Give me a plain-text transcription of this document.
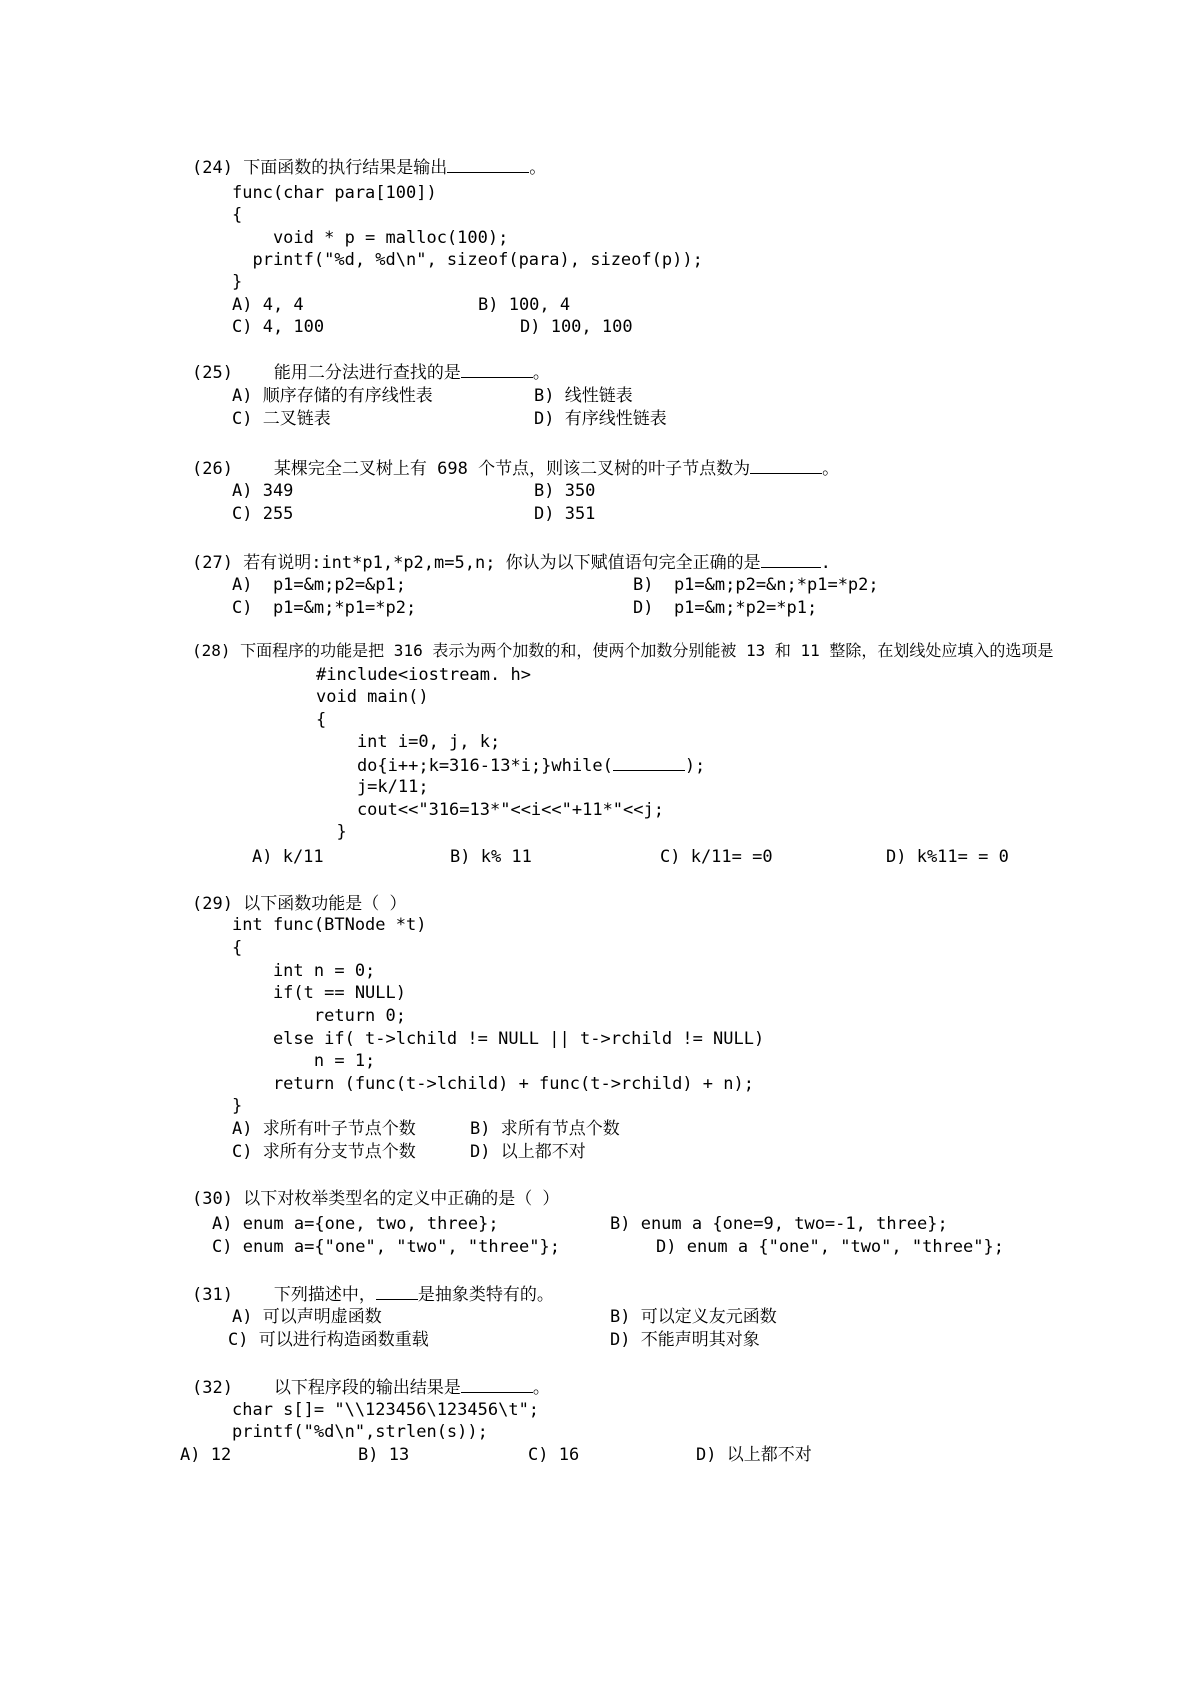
(24) 下面函数的执行结果是输出	。
func(char para[100])
{
void * p = malloc(100);
printf("%d, %d\n", sizeof(para), sizeof(p));
}
A) 4, 4	B) 100, 4
C) 4, 100	D) 100, 100
(25) 能用二分法进行查找的是	。
A) 顺序存储的有序线性表	B) 线性链表
C) 二叉链表	D) 有序线性链表
(26) 某棵完全二叉树上有 698 个节点，则该二叉树的叶子节点数为	。
A) 349	B) 350
C) 255	D) 351
(27) 若有说明:int*p1,*p2,m=5,n; 你认为以下赋值语句完全正确的是	.
A)  p1=&m;p2=&p1;	B)  p1=&m;p2=&n;*p1=*p2;
C)  p1=&m;*p1=*p2;	D)  p1=&m;*p2=*p1;
(28) 下面程序的功能是把 316 表示为两个加数的和，使两个加数分别能被 13 和 11 整除，在划线处应填入的选项是
#include<iostream. h>
void main()
{
int i=0, j, k;
do{i++;k=316-13*i;}while(	);
j=k/11;
cout<<"316=13*"<<i<<"+11*"<<j;
}
A) k/11	B) k% 11	C) k/11= =0	D) k%11= = 0
(29) 以下函数功能是（ ）
int func(BTNode *t)
{
int n = 0;
if(t == NULL)
return 0;
else if( t->lchild != NULL || t->rchild != NULL)
n = 1;
return (func(t->lchild) + func(t->rchild) + n);
}
A) 求所有叶子节点个数	B) 求所有节点个数
C) 求所有分支节点个数	D) 以上都不对
(30) 以下对枚举类型名的定义中正确的是（ ）
A) enum a={one, two, three};	B) enum a {one=9, two=-1, three};
C) enum a={"one", "two", "three"};	D) enum a {"one", "two", "three"};
(31) 下列描述中， 是抽象类特有的。
A) 可以声明虚函数	B) 可以定义友元函数
C) 可以进行构造函数重载	D) 不能声明其对象
(32) 以下程序段的输出结果是	。
char s[]= "\\123456\123456\t";
printf("%d\n",strlen(s));
A) 12	B) 13	C) 16	D) 以上都不对
